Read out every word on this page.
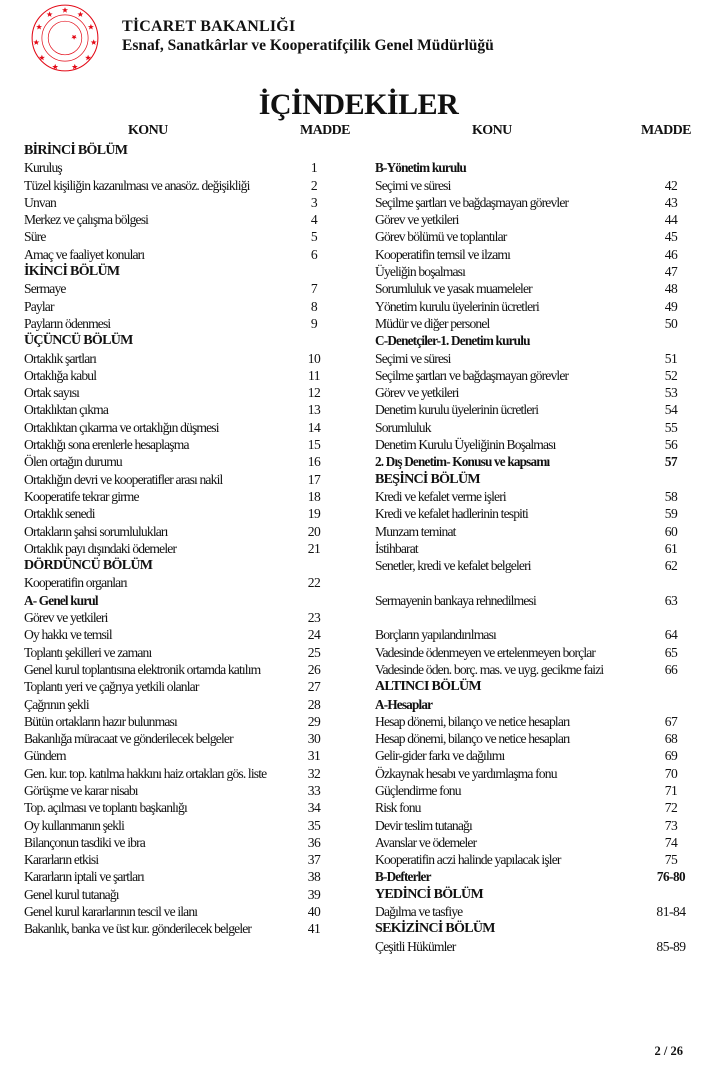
TİCARET BAKANLIĞI
Esnaf, Sanatkârlar ve Kooperatifçilik Genel Müdürlüğü
İÇİNDEKİLER
KONU	MADDE	KONU	MADDE
BİRİNCİ BÖLÜM
Kuruluş	1
Tüzel kişiliğin kazanılması ve anasöz. değişikliği	2
Unvan	3
Merkez ve çalışma bölgesi	4
Süre	5
Amaç ve faaliyet konuları	6
İKİNCİ BÖLÜM
Sermaye	7
Paylar	8
Payların ödenmesi	9
ÜÇÜNCÜ BÖLÜM
Ortaklık şartları	10
Ortaklığa kabul	11
Ortak sayısı	12
Ortaklıktan çıkma	13
Ortaklıktan çıkarma ve ortaklığın düşmesi	14
Ortaklığı sona erenlerle hesaplaşma	15
Ölen ortağın durumu	16
Ortaklığın devri ve kooperatifler arası nakil	17
Kooperatife tekrar girme	18
Ortaklık senedi	19
Ortakların şahsi sorumlulukları	20
Ortaklık payı dışındaki ödemeler	21
DÖRDÜNCÜ BÖLÜM
Kooperatifin organları	22
A- Genel kurul
Görev ve yetkileri	23
Oy hakkı ve temsil	24
Toplantı şekilleri ve zamanı	25
Genel kurul toplantısına elektronik ortamda katılım	26
Toplantı yeri ve çağrıya yetkili olanlar	27
Çağrının şekli	28
Bütün ortakların hazır bulunması	29
Bakanlığa müracaat ve gönderilecek belgeler	30
Gündem	31
Gen. kur. top. katılma hakkını haiz ortakları gös. liste	32
Görüşme ve karar nisabı	33
Top. açılması ve toplantı başkanlığı	34
Oy kullanmanın şekli	35
Bilançonun tasdiki ve ibra	36
Kararların etkisi	37
Kararların iptali ve şartları	38
Genel kurul tutanağı	39
Genel kurul kararlarının tescil ve ilanı	40
Bakanlık, banka ve üst kur. gönderilecek belgeler	41
B-Yönetim kurulu
Seçimi ve süresi	42
Seçilme şartları ve bağdaşmayan görevler	43
Görev ve yetkileri	44
Görev bölümü ve toplantılar	45
Kooperatifin temsil ve ilzamı	46
Üyeliğin boşalması	47
Sorumluluk ve yasak muameleler	48
Yönetim kurulu üyelerinin ücretleri	49
Müdür ve diğer personel	50
C-Denetçiler-1. Denetim kurulu
Seçimi ve süresi	51
Seçilme şartları ve bağdaşmayan görevler	52
Görev ve yetkileri	53
Denetim kurulu üyelerinin ücretleri	54
Sorumluluk	55
Denetim Kurulu Üyeliğinin Boşalması	56
2. Dış Denetim- Konusu ve kapsamı	57
BEŞİNCİ BÖLÜM
Kredi ve kefalet verme işleri	58
Kredi ve kefalet hadlerinin tespiti	59
Munzam teminat	60
İstihbarat	61
Senetler, kredi ve kefalet belgeleri	62
Sermayenin bankaya rehnedilmesi	63
Borçların yapılandırılması	64
Vadesinde ödenmeyen ve ertelenmeyen borçlar	65
Vadesinde öden. borç. mas. ve uyg. gecikme faizi	66
ALTINCI BÖLÜM
A-Hesaplar
Hesap dönemi, bilanço ve netice hesapları	67
Hesap dönemi, bilanço ve netice hesapları	68
Gelir-gider farkı ve dağılımı	69
Özkaynak hesabı ve yardımlaşma fonu	70
Güçlendirme fonu	71
Risk fonu	72
Devir teslim tutanağı	73
Avanslar ve ödemeler	74
Kooperatifin aczi halinde yapılacak işler	75
B-Defterler	76-80
YEDİNCİ BÖLÜM
Dağılma ve tasfiye	81-84
SEKİZİNCİ BÖLÜM
Çeşitli Hükümler	85-89
2 / 26
